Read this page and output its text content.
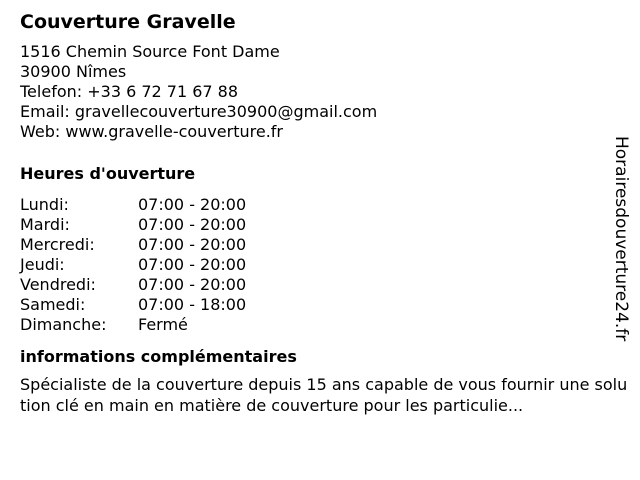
Couverture Gravelle
1516 Chemin Source Font Dame
30900 Nîmes
Telefon: +33 6 72 71 67 88
Email: gravellecouverture30900@gmail.com
Web: www.gravelle-couverture.fr
Heures d'ouverture
Lundi:	07:00 - 20:00
Mardi:	07:00 - 20:00
Mercredi:	07:00 - 20:00
Jeudi:	07:00 - 20:00
Vendredi:	07:00 - 20:00
Samedi:	07:00 - 18:00
Dimanche:	Fermé
informations complémentaires
Spécialiste de la couverture depuis 15 ans capable de vous fournir une solution clé en main en matière de couverture pour les particulie...
Horairesdouverture24.fr
